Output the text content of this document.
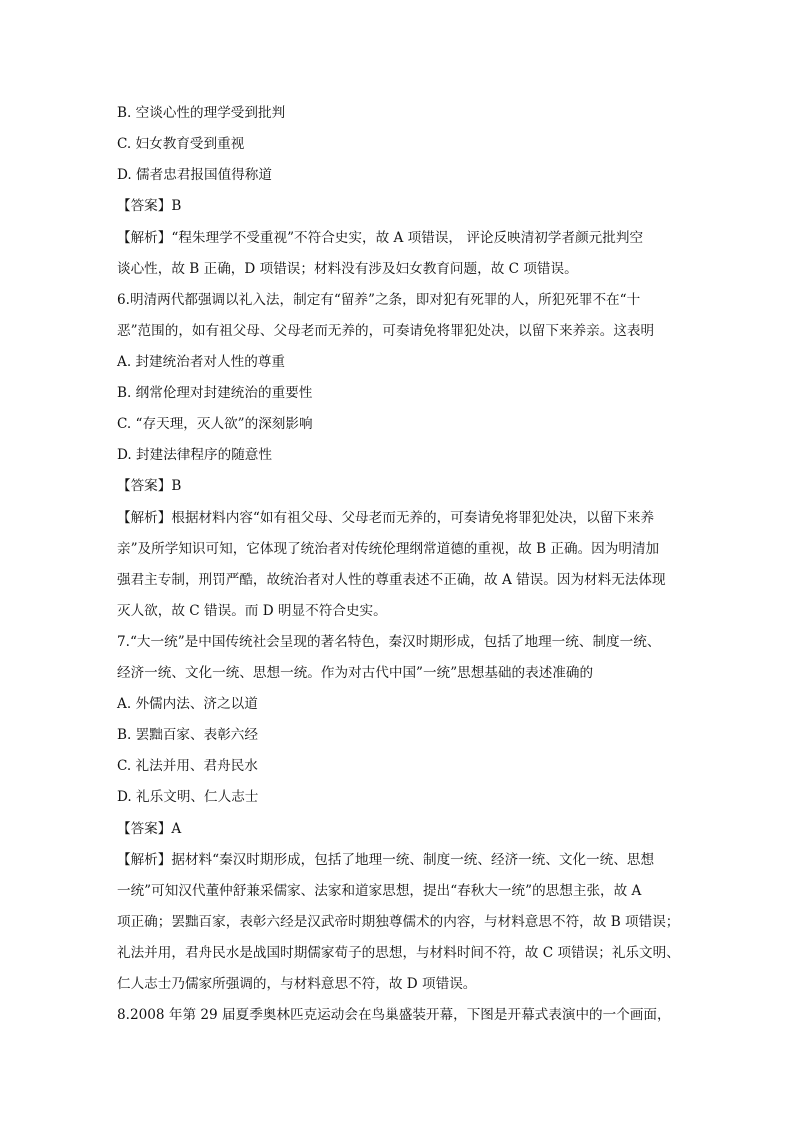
B. 空谈心性的理学受到批判
C. 妇女教育受到重视
D. 儒者忠君报国值得称道
【答案】B
【解析】“程朱理学不受重视”不符合史实，故 A 项错误， 评论反映清初学者颜元批判空
谈心性，故 B 正确，D 项错误；材料没有涉及妇女教育问题，故 C 项错误。
6.明清两代都强调以礼入法，制定有“留养”之条，即对犯有死罪的人，所犯死罪不在“十
恶”范围的，如有祖父母、父母老而无养的，可奏请免将罪犯处决，以留下来养亲。这表明
A. 封建统治者对人性的尊重
B. 纲常伦理对封建统治的重要性
C. “存天理，灭人欲”的深刻影响
D. 封建法律程序的随意性
【答案】B
【解析】根据材料内容“如有祖父母、父母老而无养的，可奏请免将罪犯处决，以留下来养
亲”及所学知识可知，它体现了统治者对传统伦理纲常道德的重视，故 B 正确。因为明清加
强君主专制，刑罚严酷，故统治者对人性的尊重表述不正确，故 A 错误。因为材料无法体现
灭人欲，故 C 错误。而 D 明显不符合史实。
7.“大一统”是中国传统社会呈现的著名特色，秦汉时期形成，包括了地理一统、制度一统、
经济一统、文化一统、思想一统。作为对古代中国”一统”思想基础的表述准确的
A. 外儒内法、济之以道
B. 罢黜百家、表彰六经
C. 礼法并用、君舟民水
D. 礼乐文明、仁人志士
【答案】A
【解析】据材料“秦汉时期形成，包括了地理一统、制度一统、经济一统、文化一统、思想
一统”可知汉代董仲舒兼采儒家、法家和道家思想，提出“春秋大一统”的思想主张，故 A
项正确；罢黜百家，表彰六经是汉武帝时期独尊儒术的内容，与材料意思不符，故 B 项错误；
礼法并用，君舟民水是战国时期儒家荀子的思想，与材料时间不符，故 C 项错误；礼乐文明、
仁人志士乃儒家所强调的，与材料意思不符，故 D 项错误。
8.2008 年第 29 届夏季奥林匹克运动会在鸟巢盛装开幕，下图是开幕式表演中的一个画面，
